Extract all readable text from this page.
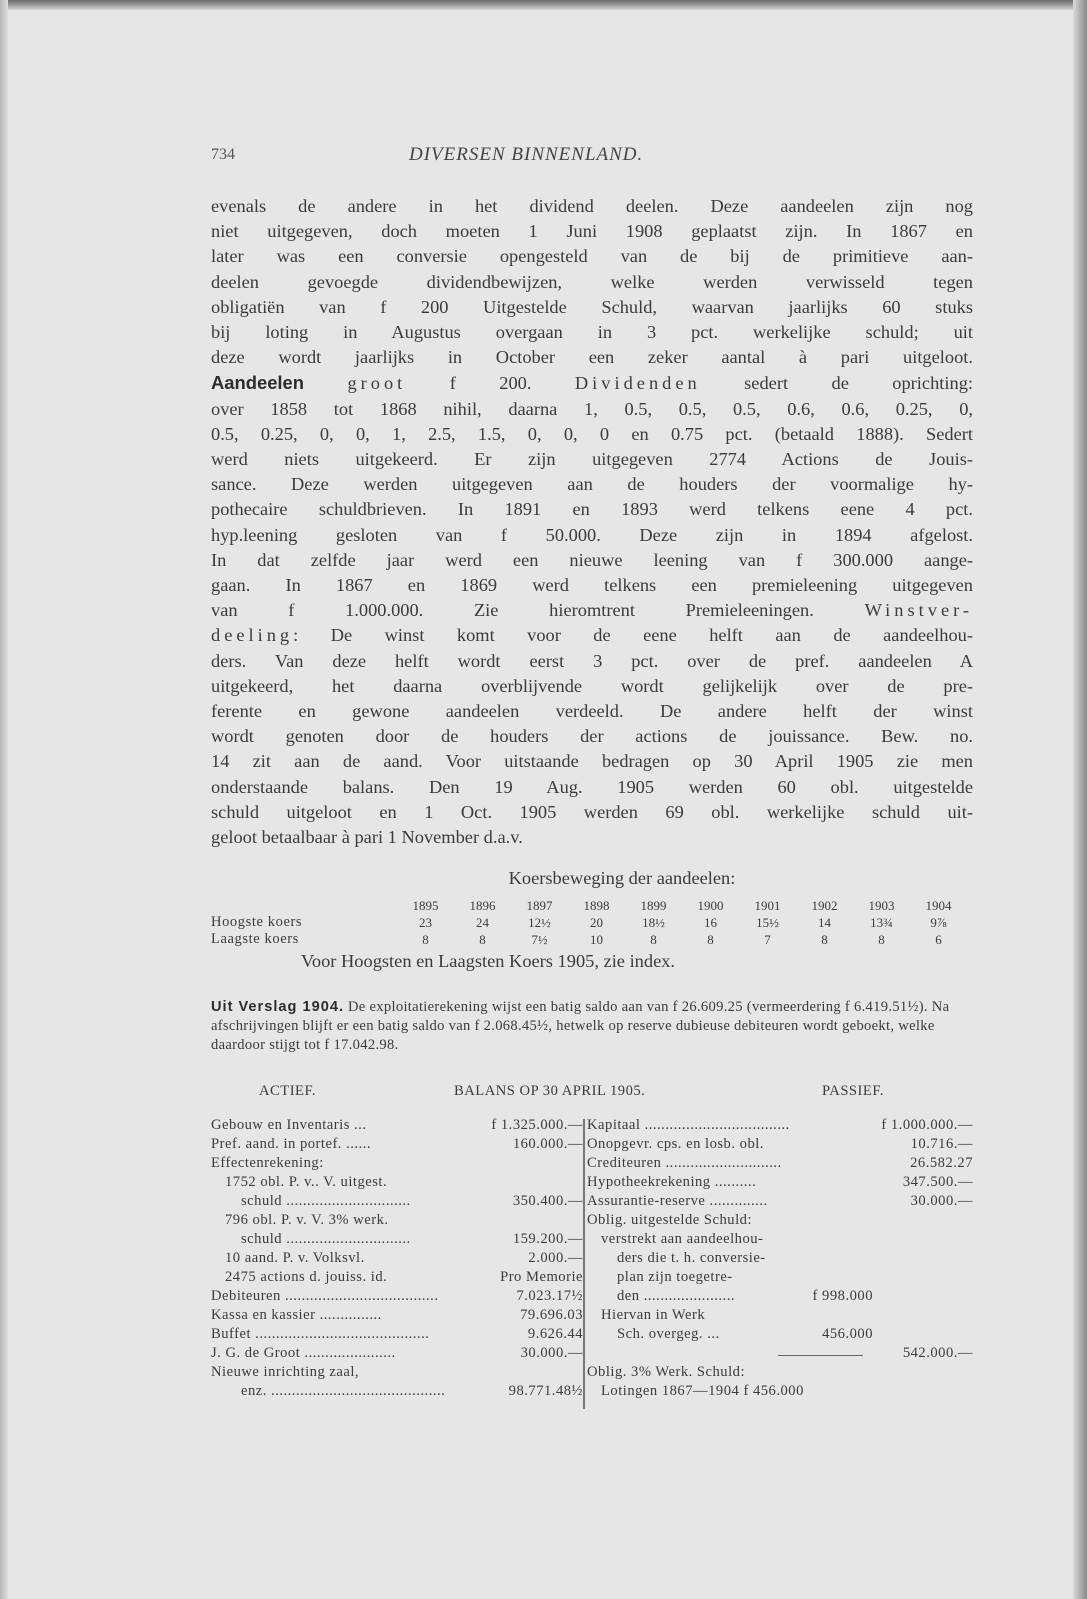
734	DIVERSEN BINNENLAND.
evenals de andere in het dividend deelen. Deze aandeelen zijn nog
niet uitgegeven, doch moeten 1 Juni 1908 geplaatst zijn. In 1867 en
later was een conversie opengesteld van de bij de primitieve aan-
deelen gevoegde dividendbewijzen, welke werden verwisseld tegen
obligatiën van f 200 Uitgestelde Schuld, waarvan jaarlijks 60 stuks
bij loting in Augustus overgaan in 3 pct. werkelijke schuld; uit
deze wordt jaarlijks in October een zeker aantal à pari uitgeloot.
Aandeelen groot f 200. Dividenden sedert de oprichting:
over 1858 tot 1868 nihil, daarna 1, 0.5, 0.5, 0.5, 0.6, 0.6, 0.25, 0,
0.5, 0.25, 0, 0, 1, 2.5, 1.5, 0, 0, 0 en 0.75 pct. (betaald 1888). Sedert
werd niets uitgekeerd. Er zijn uitgegeven 2774 Actions de Jouis-
sance. Deze werden uitgegeven aan de houders der voormalige hy-
pothecaire schuldbrieven. In 1891 en 1893 werd telkens eene 4 pct.
hyp.leening gesloten van f 50.000. Deze zijn in 1894 afgelost.
In dat zelfde jaar werd een nieuwe leening van f 300.000 aange-
gaan. In 1867 en 1869 werd telkens een premieleening uitgegeven
van f 1.000.000. Zie hieromtrent Premieleeningen.	Winstver-
deeling: De winst komt voor de eene helft aan de aandeelhou-
ders. Van deze helft wordt eerst 3 pct. over de pref. aandeelen A
uitgekeerd, het daarna overblijvende wordt gelijkelijk over de pre-
ferente en gewone aandeelen verdeeld. De andere helft der winst
wordt genoten door de houders der actions de jouissance. Bew. no.
14 zit aan de aand. Voor uitstaande bedragen op 30 April 1905 zie men
onderstaande balans. Den 19 Aug. 1905 werden 60 obl. uitgestelde
schuld uitgeloot en 1 Oct. 1905 werden 69 obl. werkelijke schuld uit-
geloot betaalbaar à pari 1 November d.a.v.
Koersbeweging der aandeelen:
	1895	1896	1897	1898	1899	1900	1901	1902	1903	1904
Hoogste koers	23	24	12½	20	18½	16	15½	14	13¾	9⅞
Laagste koers	8	8	7½	10	8	8	7	8	8	6
Voor Hoogsten en Laagsten Koers 1905, zie index.
Uit Verslag 1904. De exploitatierekening wijst een batig saldo aan van f 26.609.25 (vermeerdering f 6.419.51½). Na afschrijvingen blijft er een batig saldo van f 2.068.45½, hetwelk op reserve dubieuse debiteuren wordt geboekt, welke daardoor stijgt tot f 17.042.98.
ACTIEF.	BALANS OP 30 APRIL 1905.	PASSIEF.
Gebouw en Inventaris ...	f 1.325.000.—
Pref. aand. in portef. ......	160.000.—
Effectenrekening:
1752 obl. P. v.. V. uitgest.
schuld ..............................	350.400.—
796 obl. P. v. V. 3% werk.
schuld ..............................	159.200.—
10 aand. P. v. Volksvl.	2.000.—
2475 actions d. jouiss. id.	Pro Memorie
Debiteuren .....................................	7.023.17½
Kassa en kassier ...............	79.696.03
Buffet ..........................................	9.626.44
J. G. de Groot ......................	30.000.—
Nieuwe inrichting zaal,
enz. ..........................................	98.771.48½
Kapitaal ...................................	f 1.000.000.—
Onopgevr. cps. en losb. obl.	10.716.—
Crediteuren ............................	26.582.27
Hypotheekrekening ..........	347.500.—
Assurantie-reserve ..............	30.000.—
Oblig. uitgestelde Schuld:
verstrekt aan aandeelhou-
ders die t. h. conversie-
plan zijn toegetre-
den ......................	f 998.000
Hiervan in Werk
Sch. overgeg. ...	456.000
542.000.—
Oblig. 3% Werk. Schuld:
Lotingen 1867—1904 f 456.000
